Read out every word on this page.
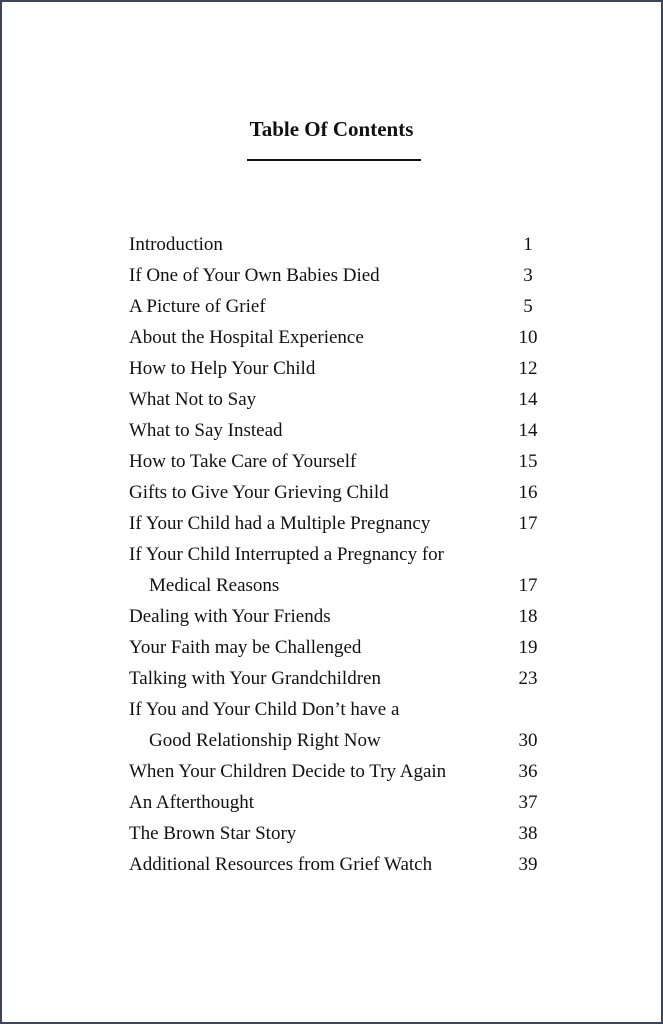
Table Of Contents
Introduction	1
If One of Your Own Babies Died	3
A Picture of Grief	5
About the Hospital Experience	10
How to Help Your Child	12
What Not to Say	14
What to Say Instead	14
How to Take Care of Yourself	15
Gifts to Give Your Grieving Child	16
If Your Child had a Multiple Pregnancy	17
If Your Child Interrupted a Pregnancy for
Medical Reasons	17
Dealing with Your Friends	18
Your Faith may be Challenged	19
Talking with Your Grandchildren	23
If You and Your Child Don’t have a
Good Relationship Right Now	30
When Your Children Decide to Try Again	36
An Afterthought	37
The Brown Star Story	38
Additional Resources from Grief Watch	39
